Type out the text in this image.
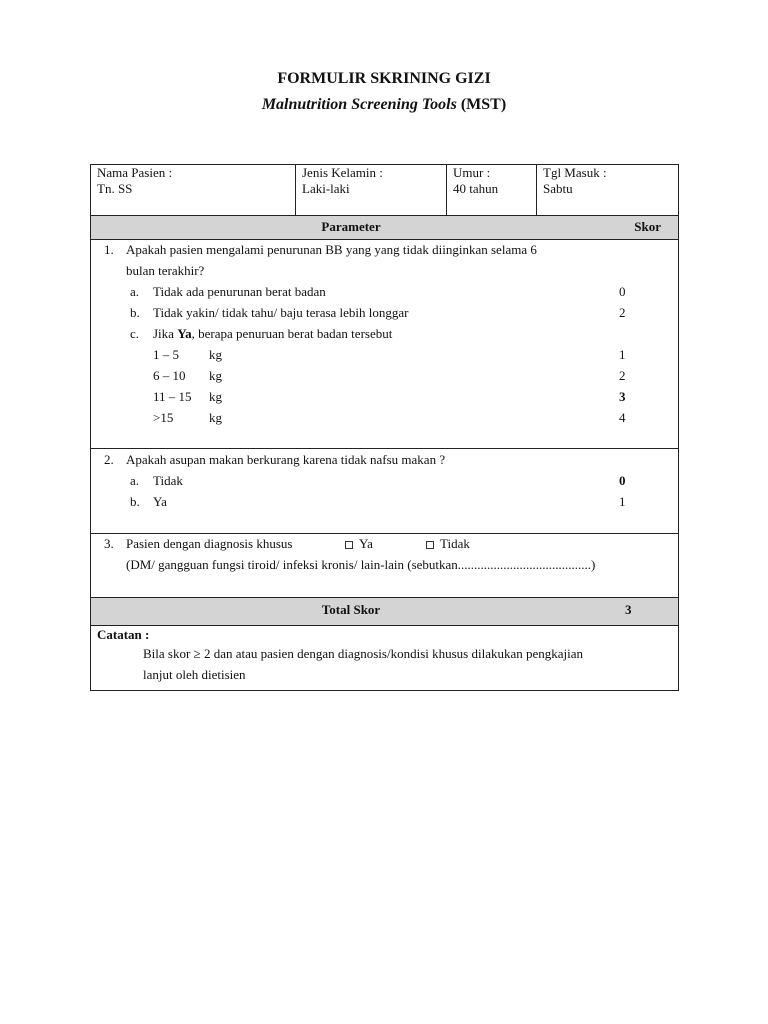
FORMULIR SKRINING GIZI
Malnutrition Screening Tools (MST)
Nama Pasien :
Tn. SS
Jenis Kelamin :
Laki-laki
Umur :
40 tahun
Tgl Masuk :
Sabtu
Parameter	Skor
1. Apakah pasien mengalami penurunan BB yang yang tidak diinginkan selama 6
bulan terakhir?
a. Tidak ada penurunan berat badan	0
b. Tidak yakin/ tidak tahu/ baju terasa lebih longgar	2
c. Jika Ya, berapa penuruan berat badan tersebut
1 – 5 kg	1
6 – 10 kg	2
11 – 15 kg	3
>15	kg	4
2. Apakah asupan makan berkurang karena tidak nafsu makan ?
a. Tidak	0
b. Ya	1
3. Pasien dengan diagnosis khusus	Ya	Tidak
(DM/ gangguan fungsi tiroid/ infeksi kronis/ lain-lain (sebutkan.........................................)
Total Skor	3
Catatan :
Bila skor ≥ 2 dan atau pasien dengan diagnosis/kondisi khusus dilakukan pengkajian
lanjut oleh dietisien
